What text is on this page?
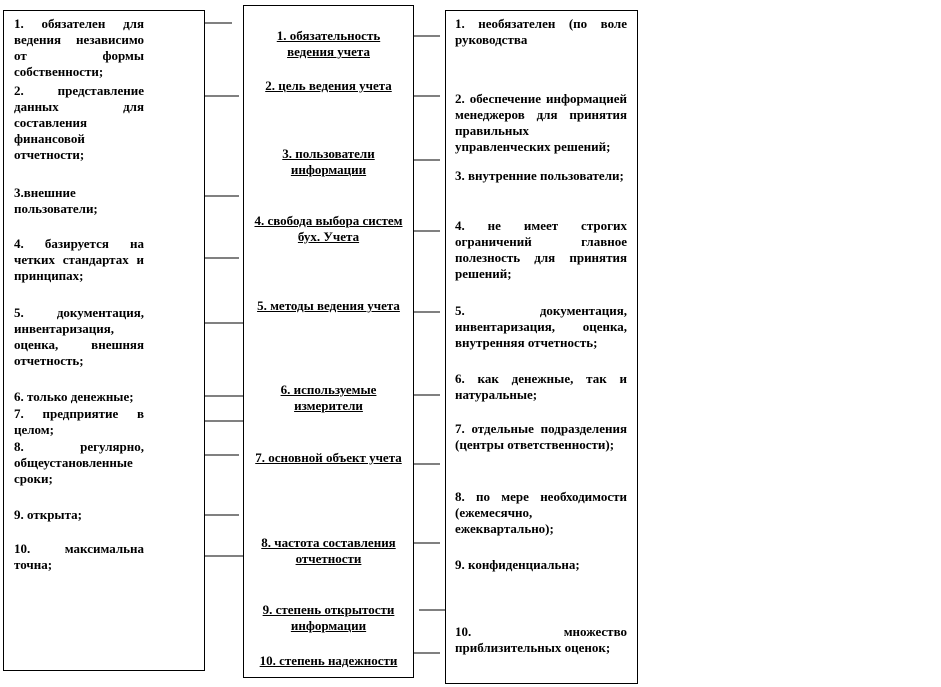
1. обязателен для ведения независимо от формы собственности;
2. представление данных для составления финансовой отчетности;
3.внешние пользователи;
4. базируется на четких стандартах и принципах;
5. документация, инвентаризация, оценка, внешняя отчетность;
6. только денежные;
7. предприятие в целом;
8. регулярно, общеустановленные сроки;
9. открыта;
10. максимальна точна;
1. обязательность ведения учета
2. цель ведения учета
3. пользователи информации
4. свобода выбора систем бух. Учета
5. методы ведения учета
6. используемые измерители
7. основной объект учета
8. частота составления отчетности
9. степень открытости информации
10. степень надежности
1. необязателен (по воле руководства
2. обеспечение информацией менеджеров для принятия правильных управленческих решений;
3. внутренние пользователи;
4. не имеет строгих ограничений главное полезность для принятия решений;
5. документация, инвентаризация, оценка, внутренняя отчетность;
6. как денежные, так и натуральные;
7. отдельные подразделения (центры ответственности);
8. по мере необходимости (ежемесячно, ежеквартально);
9. конфиденциальна;
10. множество приблизительных оценок;
